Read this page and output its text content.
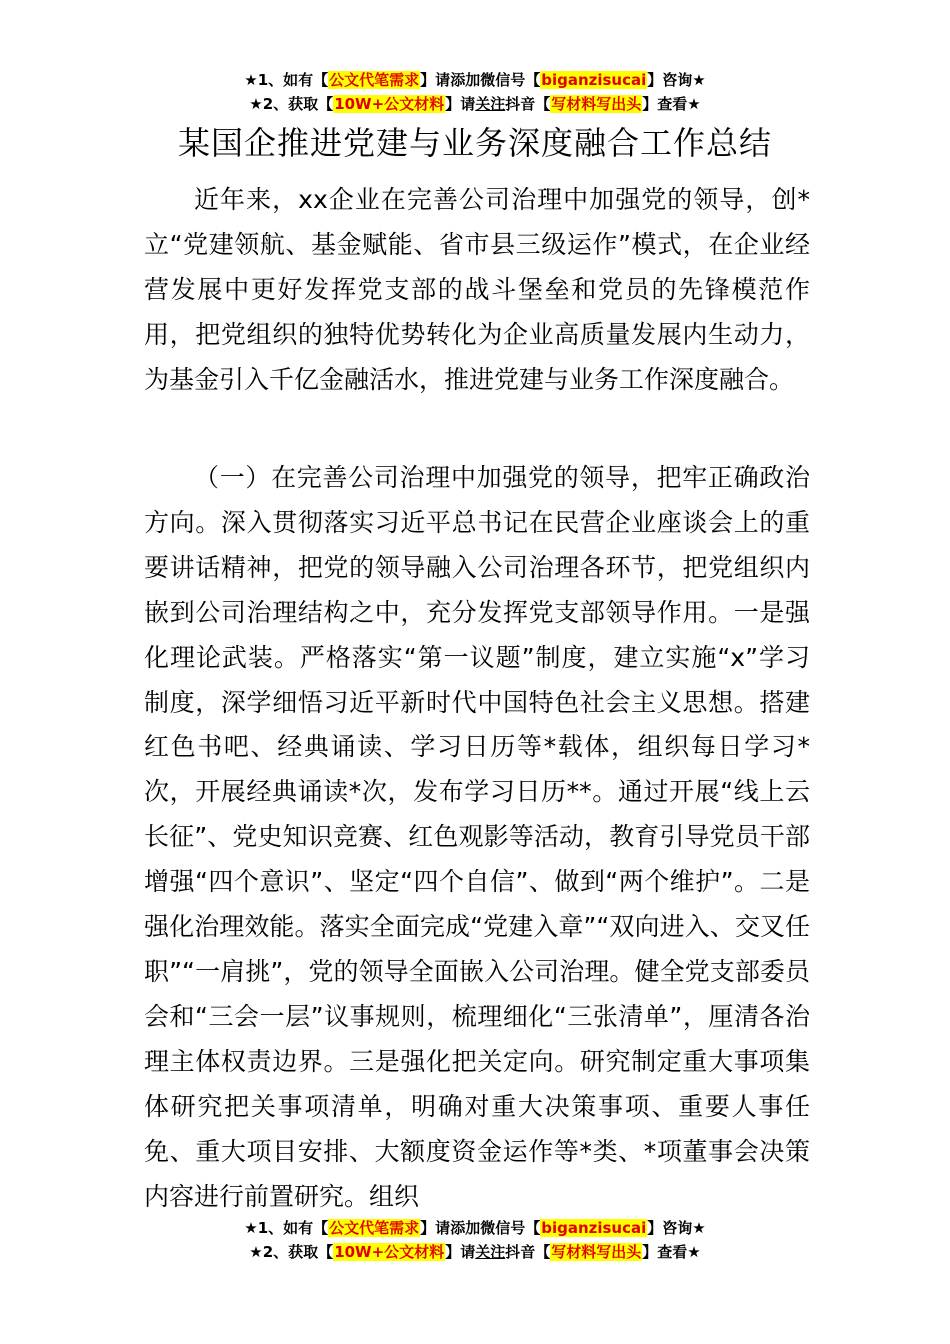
★1、如有【公文代笔需求】请添加微信号【biganzisucai】咨询★
★2、获取【10W+公文材料】请关注抖音【写材料写出头】查看★
某国企推进党建与业务深度融合工作总结

近年来，xx企业在完善公司治理中加强党的领导，创*立“党建领航、基金赋能、省市县三级运作”模式，在企业经营发展中更好发挥党支部的战斗堡垒和党员的先锋模范作用，把党组织的独特优势转化为企业高质量发展内生动力，为基金引入千亿金融活水，推进党建与业务工作深度融合。

（一）在完善公司治理中加强党的领导，把牢正确政治方向。深入贯彻落实习近平总书记在民营企业座谈会上的重要讲话精神，把党的领导融入公司治理各环节，把党组织内嵌到公司治理结构之中，充分发挥党支部领导作用。一是强化理论武装。严格落实“第一议题”制度，建立实施“x”学习制度，深学细悟习近平新时代中国特色社会主义思想。搭建红色书吧、经典诵读、学习日历等*载体，组织每日学习*次，开展经典诵读*次，发布学习日历**。通过开展“线上云长征”、党史知识竞赛、红色观影等活动，教育引导党员干部增强“四个意识”、坚定“四个自信”、做到“两个维护”。二是强化治理效能。落实全面完成“党建入章”“双向进入、交叉任职”“一肩挑”，党的领导全面嵌入公司治理。健全党支部委员会和“三会一层”议事规则，梳理细化“三张清单”，厘清各治理主体权责边界。三是强化把关定向。研究制定重大事项集体研究把关事项清单，明确对重大决策事项、重要人事任免、重大项目安排、大额度资金运作等*类、*项董事会决策内容进行前置研究。组织

★1、如有【公文代笔需求】请添加微信号【biganzisucai】咨询★
★2、获取【10W+公文材料】请关注抖音【写材料写出头】查看★
